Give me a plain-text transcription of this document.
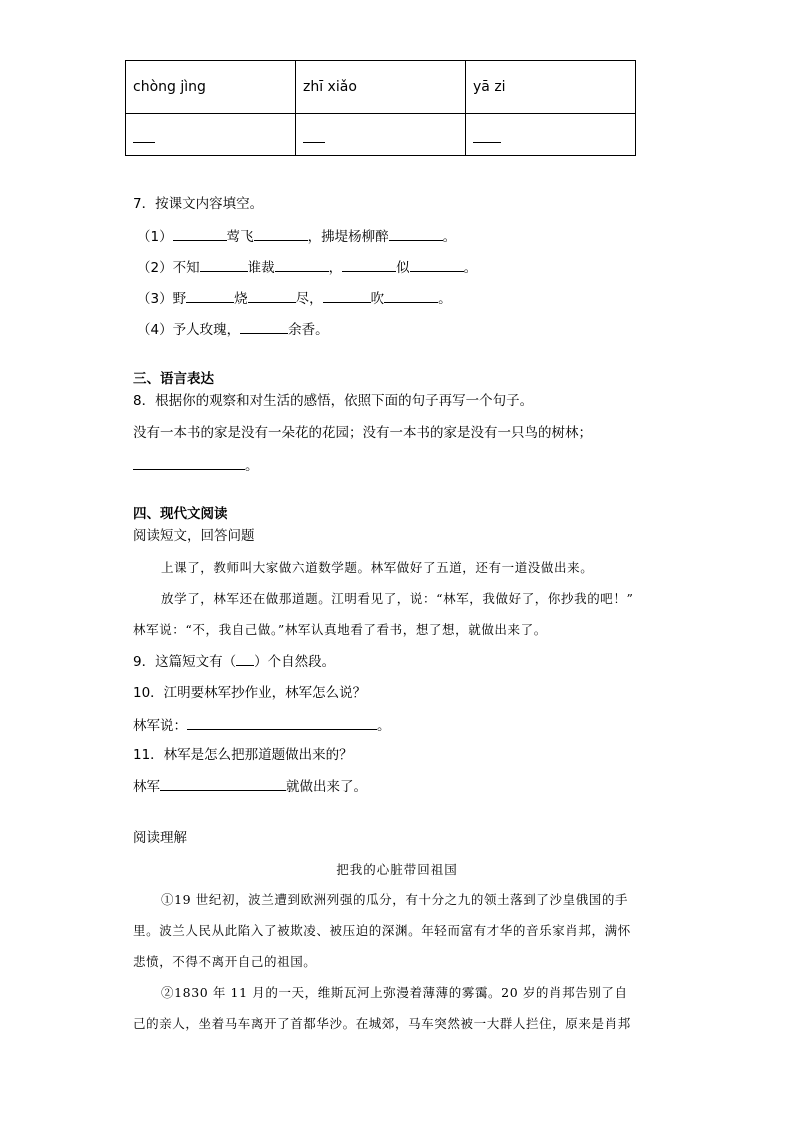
chòng jìng	zhī xiǎo	yā zi

7．按课文内容填空。
（1）	莺飞	，拂堤杨柳醉	。
（2）不知	谁裁	，	似	。
（3）野	烧	尽，	吹	。
（4）予人玫瑰，	余香。
三、语言表达
8．根据你的观察和对生活的感悟，依照下面的句子再写一个句子。
没有一本书的家是没有一朵花的花园；没有一本书的家是没有一只鸟的树林；
。
四、现代文阅读
阅读短文，回答问题
上课了，教师叫大家做六道数学题。林军做好了五道，还有一道没做出来。
放学了，林军还在做那道题。江明看见了，说：“林军，我做好了，你抄我的吧！”
林军说：“不，我自己做。”林军认真地看了看书，想了想，就做出来了。
9．这篇短文有（ ）个自然段。
10．江明要林军抄作业，林军怎么说？
林军说：	。
11．林军是怎么把那道题做出来的？
林军	就做出来了。
阅读理解
把我的心脏带回祖国
①19 世纪初，波兰遭到欧洲列强的瓜分，有十分之九的领土落到了沙皇俄国的手
里。波兰人民从此陷入了被欺凌、被压迫的深渊。年轻而富有才华的音乐家肖邦，满怀
悲愤，不得不离开自己的祖国。
②1830 年 11 月的一天，维斯瓦河上弥漫着薄薄的雾霭。20 岁的肖邦告别了自
己的亲人，坐着马车离开了首都华沙。在城郊，马车突然被一大群人拦住，原来是肖邦
